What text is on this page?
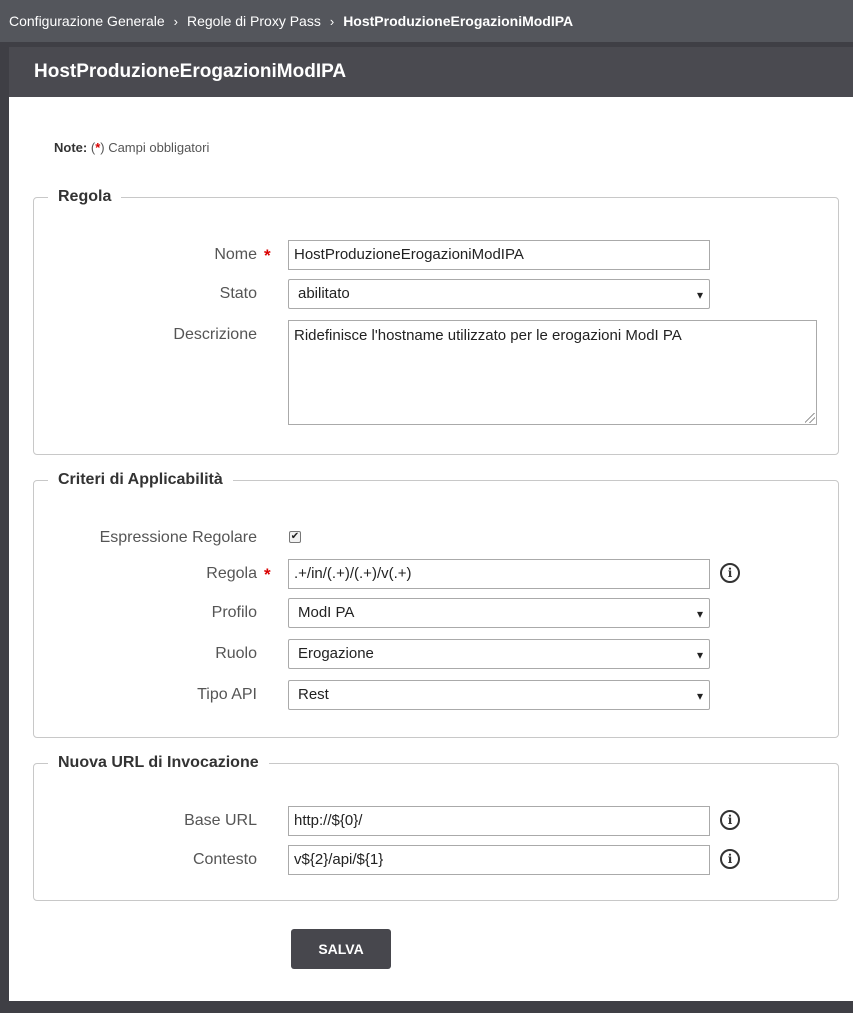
Configurazione Generale › Regole di Proxy Pass › HostProduzioneErogazioniModIPA
HostProduzioneErogazioniModIPA
Note: (*) Campi obbligatori
Regola
Nome *	HostProduzioneErogazioniModIPA
Stato	abilitato ▾
Descrizione	Ridefinisce l'hostname utilizzato per le erogazioni ModI PA
Criteri di Applicabilità
Espressione Regolare	✔
Regola *	.+/in/(.+)/(.+)/v(.+)	i
Profilo	ModI PA ▾
Ruolo	Erogazione ▾
Tipo API	Rest ▾
Nuova URL di Invocazione
Base URL	http://${0}/	i
Contesto	v${2}/api/${1}	i
SALVA
